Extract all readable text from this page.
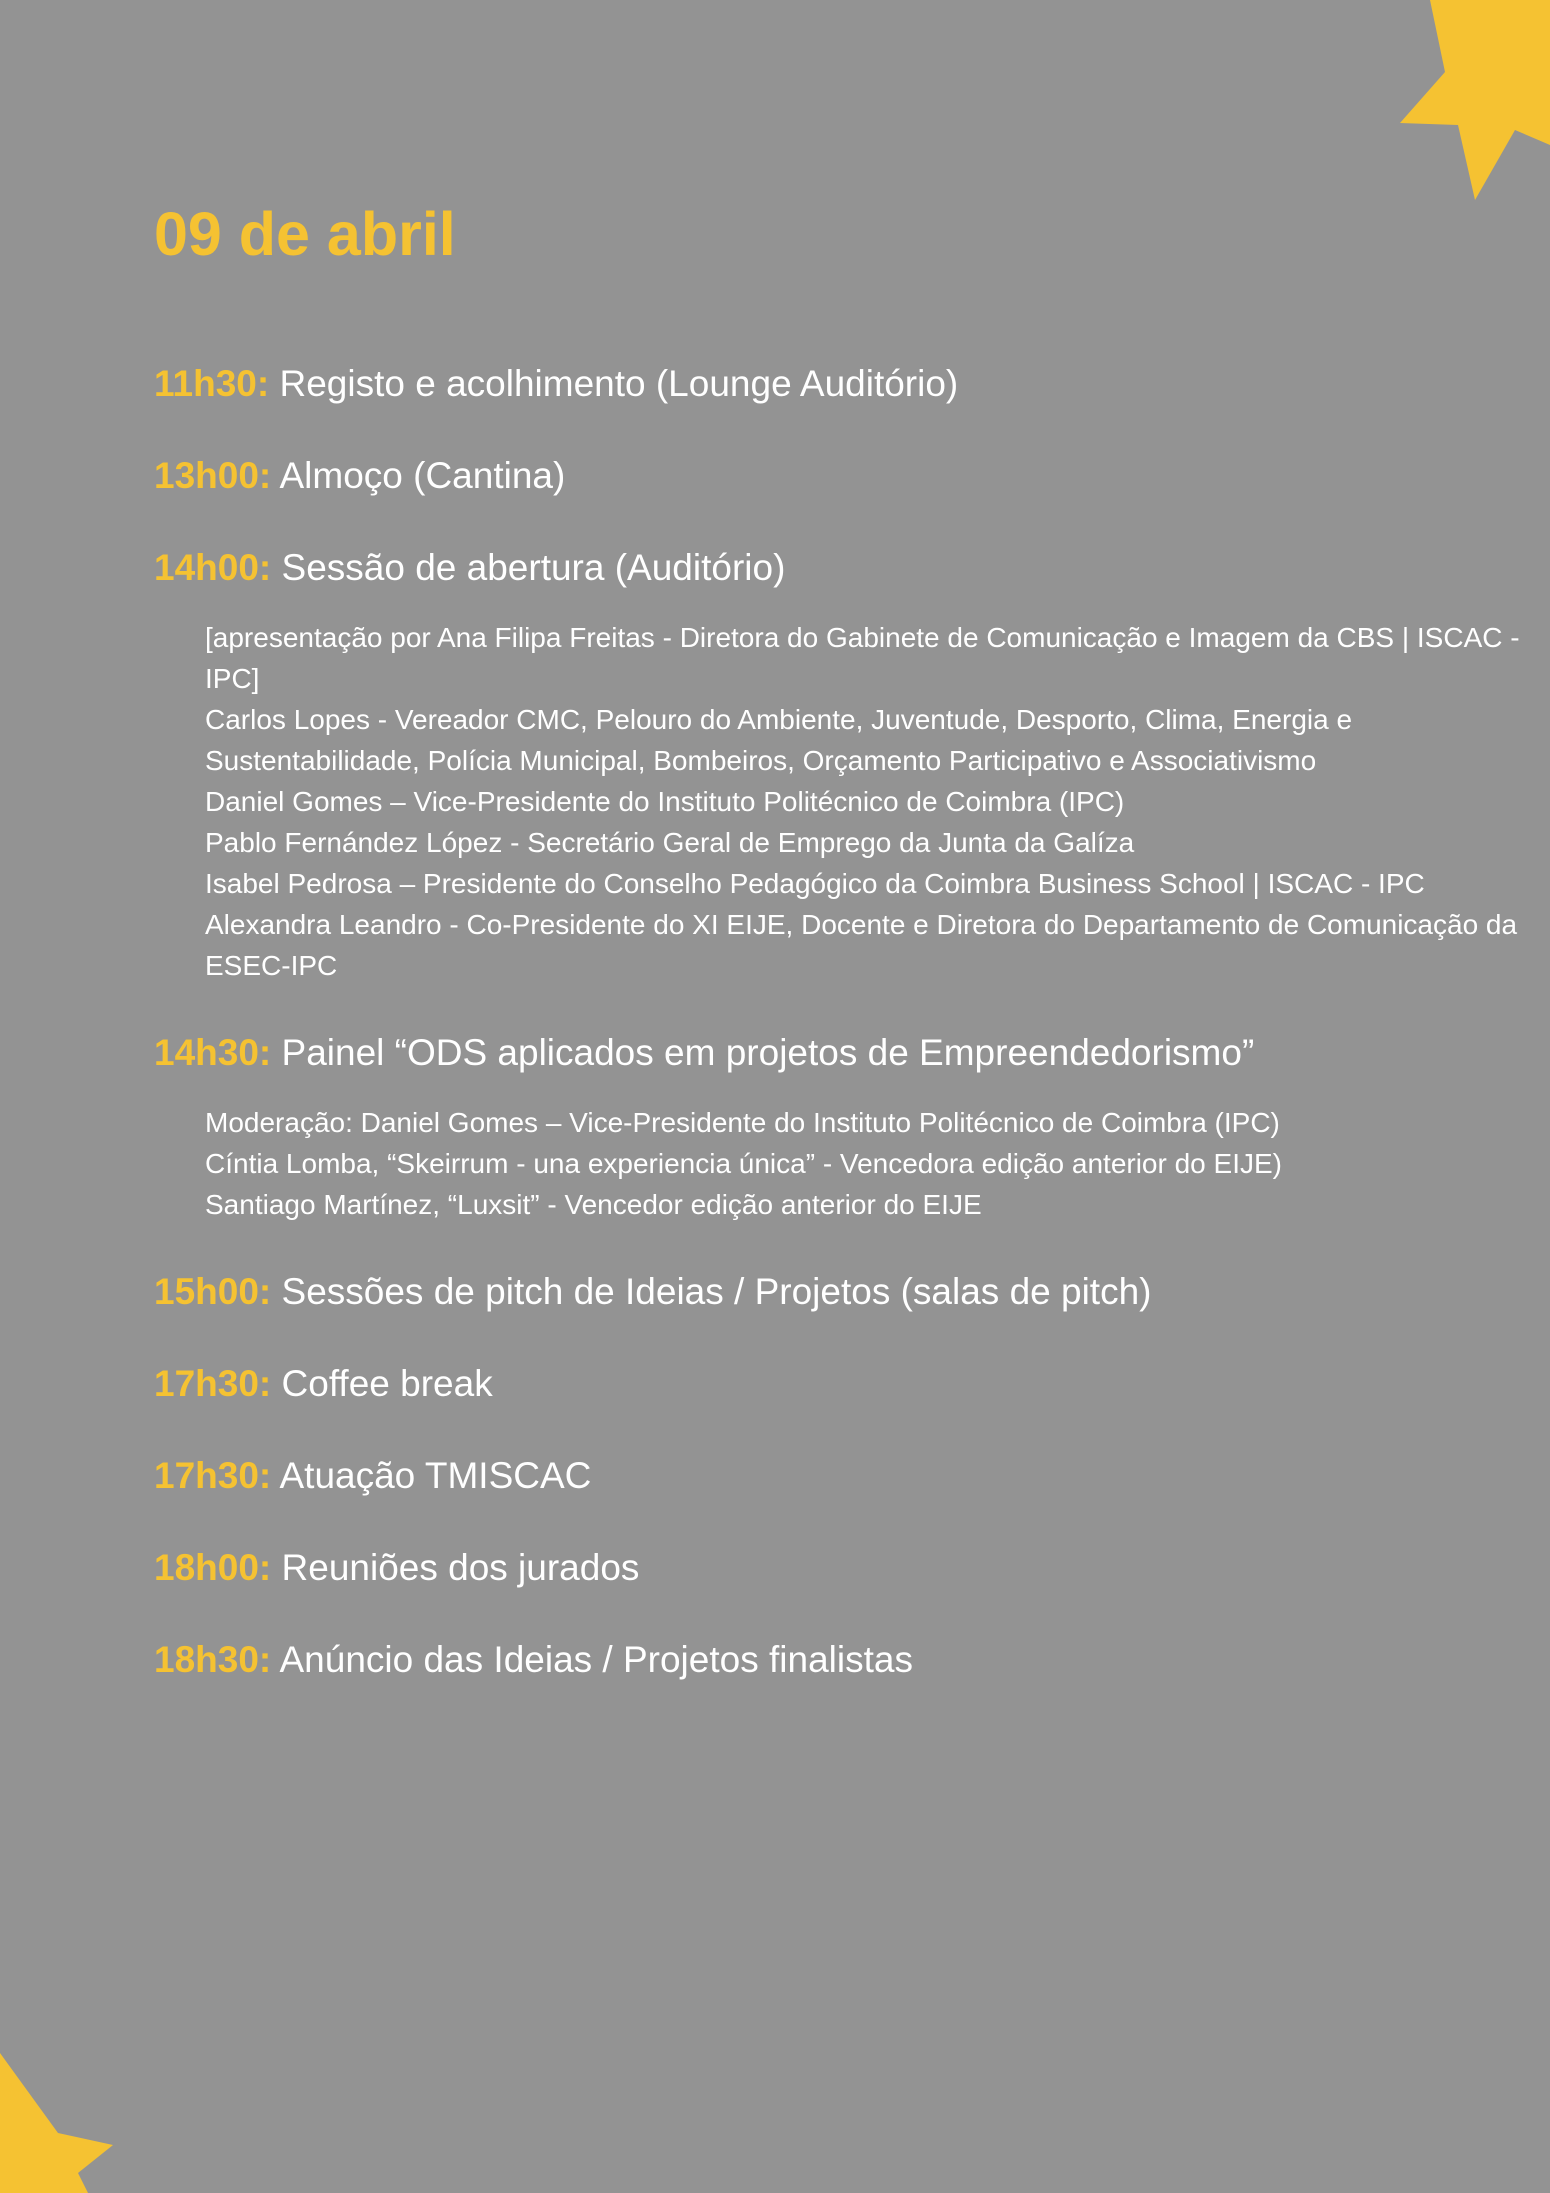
09 de abril
11h30: Registo e acolhimento (Lounge Auditório)
13h00: Almoço (Cantina)
14h00: Sessão de abertura (Auditório)
[apresentação por Ana Filipa Freitas - Diretora do Gabinete de Comunicação e Imagem da CBS | ISCAC - IPC]
Carlos Lopes - Vereador CMC, Pelouro do Ambiente, Juventude, Desporto, Clima, Energia e Sustentabilidade, Polícia Municipal, Bombeiros, Orçamento Participativo e Associativismo
Daniel Gomes – Vice-Presidente do Instituto Politécnico de Coimbra (IPC)
Pablo Fernández López - Secretário Geral de Emprego da Junta da Galíza
Isabel Pedrosa – Presidente do Conselho Pedagógico da Coimbra Business School | ISCAC - IPC
Alexandra Leandro - Co-Presidente do XI EIJE, Docente e Diretora do Departamento de Comunicação da ESEC-IPC
14h30: Painel “ODS aplicados em projetos de Empreendedorismo”
Moderação: Daniel Gomes – Vice-Presidente do Instituto Politécnico de Coimbra (IPC)
Cíntia Lomba, “Skeirrum - una experiencia única” - Vencedora edição anterior do EIJE)
Santiago Martínez, “Luxsit” - Vencedor edição anterior do EIJE
15h00: Sessões de pitch de Ideias / Projetos (salas de pitch)
17h30: Coffee break
17h30: Atuação TMISCAC
18h00: Reuniões dos jurados
18h30: Anúncio das Ideias / Projetos finalistas
